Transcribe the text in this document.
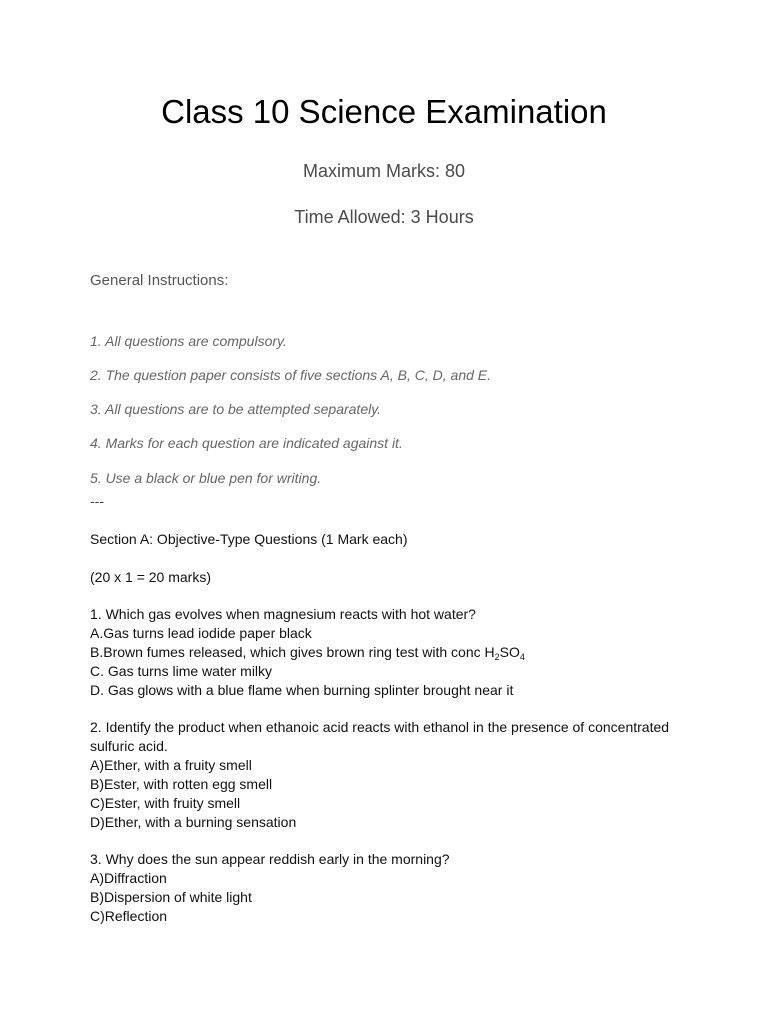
Class 10 Science Examination
Maximum Marks: 80
Time Allowed: 3 Hours
General Instructions:
1. All questions are compulsory.
2. The question paper consists of five sections A, B, C, D, and E.
3. All questions are to be attempted separately.
4. Marks for each question are indicated against it.
5. Use a black or blue pen for writing.
---
Section A: Objective-Type Questions (1 Mark each)
(20 x 1 = 20 marks)
1. Which gas evolves when magnesium reacts with hot water?
A.Gas turns lead iodide paper black
B.Brown fumes released, which gives brown ring test with conc $H_2SO_4$
C. Gas turns lime water milky
D. Gas glows with a blue flame when burning splinter brought near it
2. Identify the product when ethanoic acid reacts with ethanol in the presence of concentrated sulfuric acid.
A)Ether, with a fruity smell
B)Ester, with rotten egg smell
C)Ester, with fruity smell
D)Ether, with a burning sensation
3. Why does the sun appear reddish early in the morning?
A)Diffraction
B)Dispersion of white light
C)Reflection
